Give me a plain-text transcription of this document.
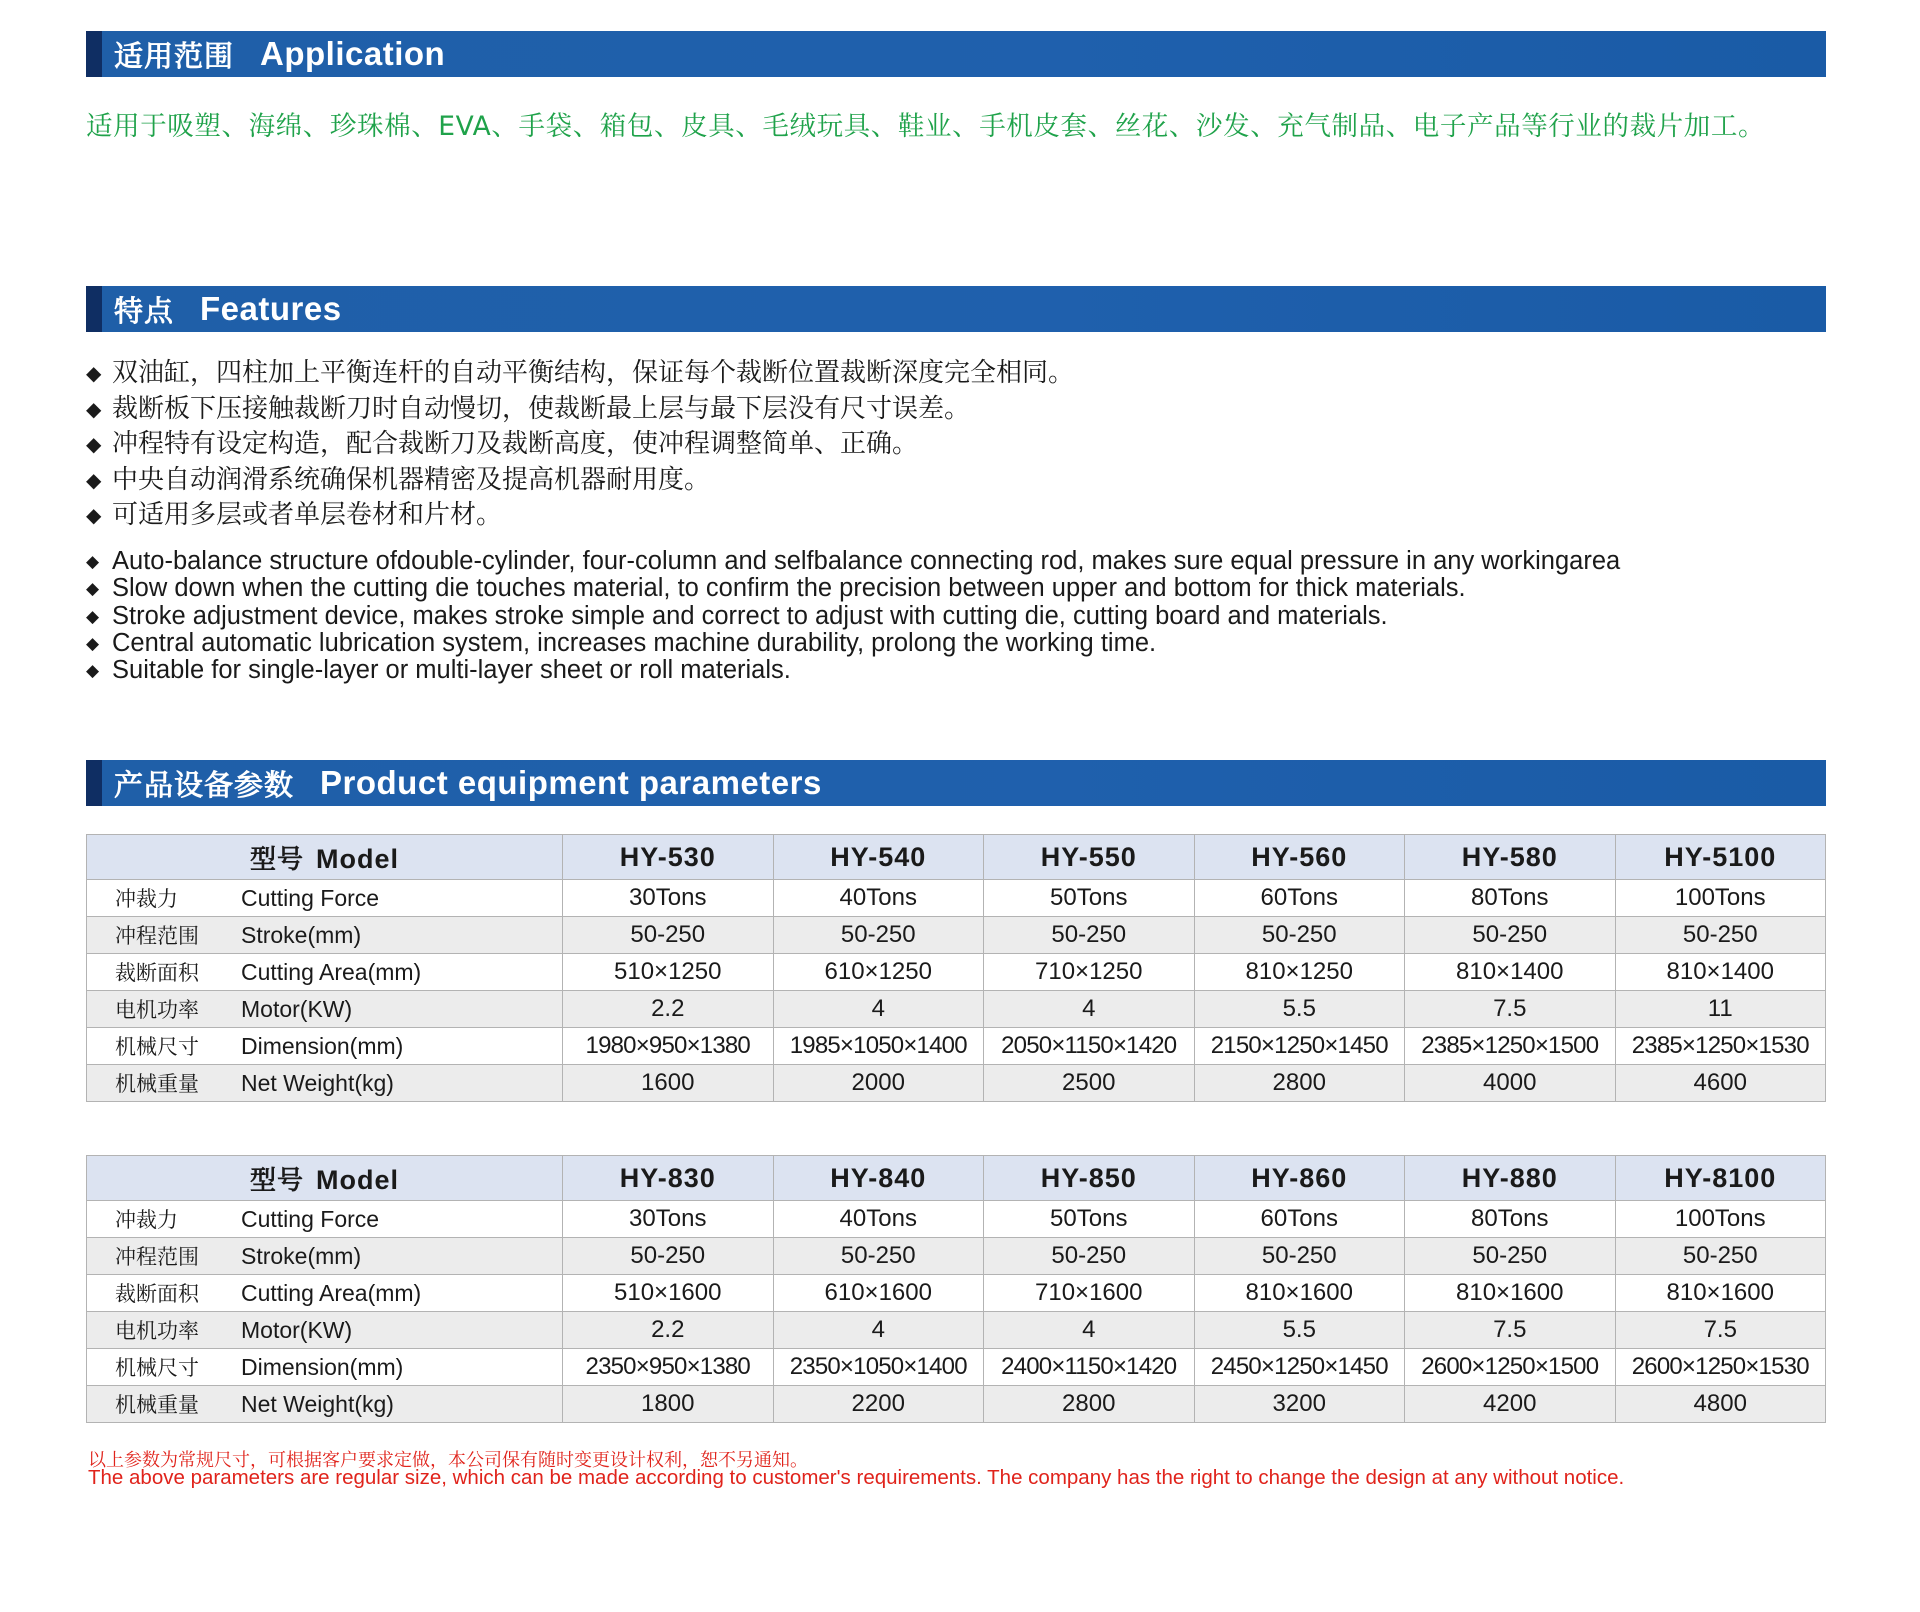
适用范围 Application
适用于吸塑、海绵、珍珠棉、EVA、手袋、箱包、皮具、毛绒玩具、鞋业、手机皮套、丝花、沙发、充气制品、电子产品等行业的裁片加工。
特点 Features
◆ 双油缸，四柱加上平衡连杆的自动平衡结构，保证每个裁断位置裁断深度完全相同。
◆ 裁断板下压接触裁断刀时自动慢切，使裁断最上层与最下层没有尺寸误差。
◆ 冲程特有设定构造，配合裁断刀及裁断高度，使冲程调整简单、正确。
◆ 中央自动润滑系统确保机器精密及提高机器耐用度。
◆ 可适用多层或者单层卷材和片材。
◆ Auto-balance structure ofdouble-cylinder, four-column and selfbalance connecting rod, makes sure equal pressure in any workingarea
◆ Slow down when the cutting die touches material, to confirm the precision between upper and bottom for thick materials.
◆ Stroke adjustment device, makes stroke simple and correct to adjust with cutting die, cutting board and materials.
◆ Central automatic lubrication system, increases machine durability, prolong the working time.
◆ Suitable for single-layer or multi-layer sheet or roll materials.
产品设备参数 Product equipment parameters
型号 Model	HY-530	HY-540	HY-550	HY-560	HY-580	HY-5100
冲裁力 Cutting Force	30Tons	40Tons	50Tons	60Tons	80Tons	100Tons
冲程范围 Stroke(mm)	50-250	50-250	50-250	50-250	50-250	50-250
裁断面积 Cutting Area(mm)	510×1250	610×1250	710×1250	810×1250	810×1400	810×1400
电机功率 Motor(KW)	2.2	4	4	5.5	7.5	11
机械尺寸 Dimension(mm)	1980×950×1380	1985×1050×1400	2050×1150×1420	2150×1250×1450	2385×1250×1500	2385×1250×1530
机械重量 Net Weight(kg)	1600	2000	2500	2800	4000	4600
型号 Model	HY-830	HY-840	HY-850	HY-860	HY-880	HY-8100
冲裁力 Cutting Force	30Tons	40Tons	50Tons	60Tons	80Tons	100Tons
冲程范围 Stroke(mm)	50-250	50-250	50-250	50-250	50-250	50-250
裁断面积 Cutting Area(mm)	510×1600	610×1600	710×1600	810×1600	810×1600	810×1600
电机功率 Motor(KW)	2.2	4	4	5.5	7.5	7.5
机械尺寸 Dimension(mm)	2350×950×1380	2350×1050×1400	2400×1150×1420	2450×1250×1450	2600×1250×1500	2600×1250×1530
机械重量 Net Weight(kg)	1800	2200	2800	3200	4200	4800
以上参数为常规尺寸，可根据客户要求定做，本公司保有随时变更设计权利，恕不另通知。
The above parameters are regular size, which can be made according to customer's requirements. The company has the right to change the design at any without notice.
